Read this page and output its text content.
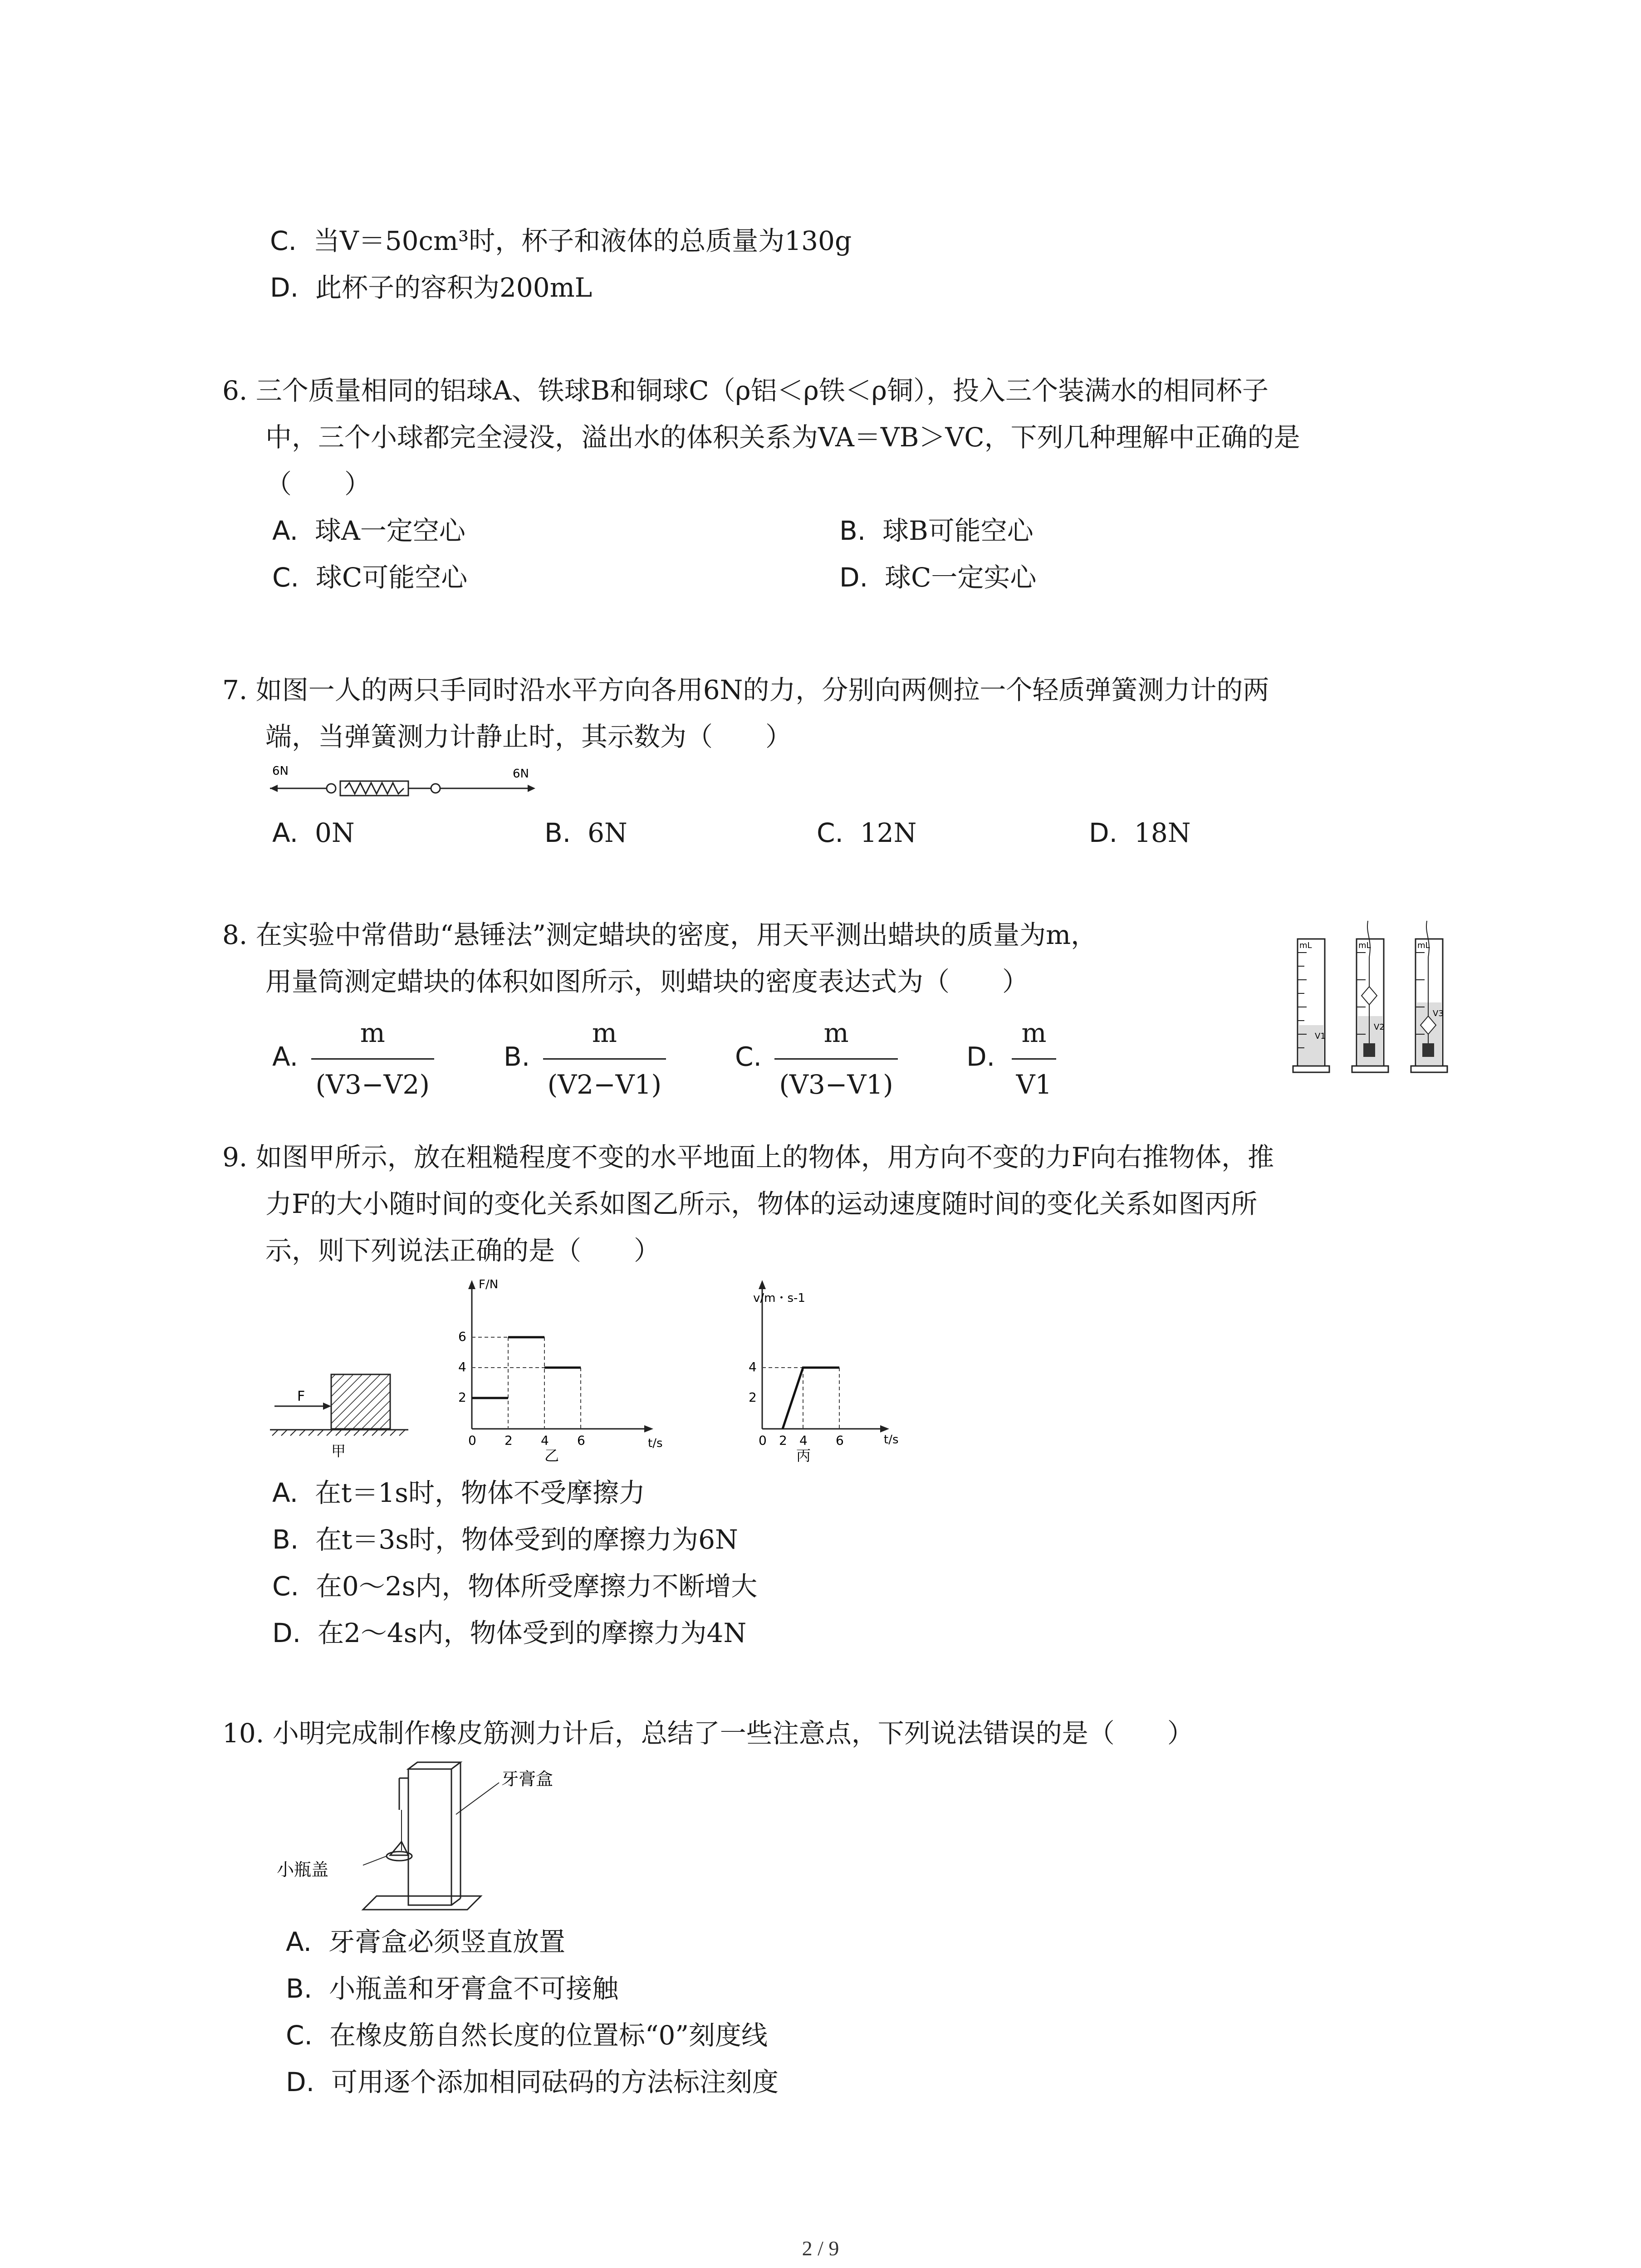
C. 当V＝50cm³时，杯子和液体的总质量为130g
D. 此杯子的容积为200mL
6. 三个质量相同的铝球A、铁球B和铜球C（ρ铝＜ρ铁＜ρ铜），投入三个装满水的相同杯子
中，三个小球都完全浸没，溢出水的体积关系为VA＝VB＞VC，下列几种理解中正确的是
（　　）
A. 球A一定空心	B. 球B可能空心
C. 球C可能空心	D. 球C一定实心
7. 如图一人的两只手同时沿水平方向各用6N的力，分别向两侧拉一个轻质弹簧测力计的两
端，当弹簧测力计静止时，其示数为（　　）
6N	6N
A. 0N	B. 6N	C. 12N	D. 18N
8. 在实验中常借助“悬锤法”测定蜡块的密度，用天平测出蜡块的质量为m，
用量筒测定蜡块的体积如图所示，则蜡块的密度表达式为（　　）
A. $\frac{m}{(V3-V2)}$	B. $\frac{m}{(V2-V1)}$	C. $\frac{m}{(V3-V1)}$	D. $\frac{m}{V1}$
mL
V1
mL
V2
mL
V3
9. 如图甲所示，放在粗糙程度不变的水平地面上的物体，用方向不变的力F向右推物体，推
力F的大小随时间的变化关系如图乙所示，物体的运动速度随时间的变化关系如图丙所
示，则下列说法正确的是（　　）
F
甲
F/N
t/s
2
4
6
0 2 4 6
乙
v/m・s-1
t/s
2
4
0 2 4 6
丙
A. 在t＝1s时，物体不受摩擦力
B. 在t＝3s时，物体受到的摩擦力为6N
C. 在0～2s内，物体所受摩擦力不断增大
D. 在2～4s内，物体受到的摩擦力为4N
10. 小明完成制作橡皮筋测力计后，总结了一些注意点，下列说法错误的是（　　）
牙膏盒
小瓶盖
A. 牙膏盒必须竖直放置
B. 小瓶盖和牙膏盒不可接触
C. 在橡皮筋自然长度的位置标“0”刻度线
D. 可用逐个添加相同砝码的方法标注刻度
2 / 9
